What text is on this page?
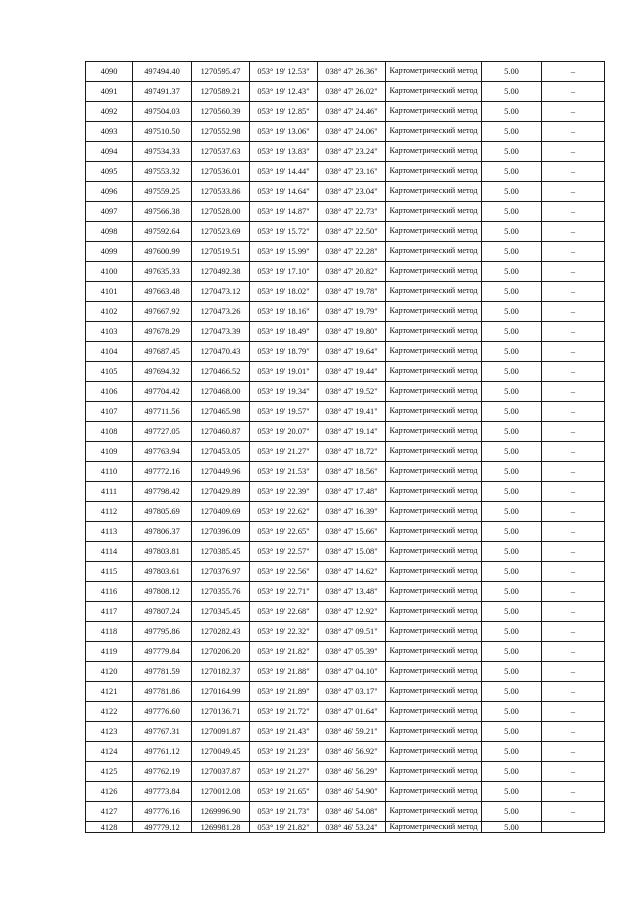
4090	497494.40	1270595.47	053° 19' 12.53"	038° 47' 26.36"	Картометрический метод	5.00	–
4091	497491.37	1270589.21	053° 19' 12.43"	038° 47' 26.02"	Картометрический метод	5.00	–
4092	497504.03	1270560.39	053° 19' 12.85"	038° 47' 24.46"	Картометрический метод	5.00	–
4093	497510.50	1270552.98	053° 19' 13.06"	038° 47' 24.06"	Картометрический метод	5.00	–
4094	497534.33	1270537.63	053° 19' 13.83"	038° 47' 23.24"	Картометрический метод	5.00	–
4095	497553.32	1270536.01	053° 19' 14.44"	038° 47' 23.16"	Картометрический метод	5.00	–
4096	497559.25	1270533.86	053° 19' 14.64"	038° 47' 23.04"	Картометрический метод	5.00	–
4097	497566.38	1270528.00	053° 19' 14.87"	038° 47' 22.73"	Картометрический метод	5.00	–
4098	497592.64	1270523.69	053° 19' 15.72"	038° 47' 22.50"	Картометрический метод	5.00	–
4099	497600.99	1270519.51	053° 19' 15.99"	038° 47' 22.28"	Картометрический метод	5.00	–
4100	497635.33	1270492.38	053° 19' 17.10"	038° 47' 20.82"	Картометрический метод	5.00	–
4101	497663.48	1270473.12	053° 19' 18.02"	038° 47' 19.78"	Картометрический метод	5.00	–
4102	497667.92	1270473.26	053° 19' 18.16"	038° 47' 19.79"	Картометрический метод	5.00	–
4103	497678.29	1270473.39	053° 19' 18.49"	038° 47' 19.80"	Картометрический метод	5.00	–
4104	497687.45	1270470.43	053° 19' 18.79"	038° 47' 19.64"	Картометрический метод	5.00	–
4105	497694.32	1270466.52	053° 19' 19.01"	038° 47' 19.44"	Картометрический метод	5.00	–
4106	497704.42	1270468.00	053° 19' 19.34"	038° 47' 19.52"	Картометрический метод	5.00	–
4107	497711.56	1270465.98	053° 19' 19.57"	038° 47' 19.41"	Картометрический метод	5.00	–
4108	497727.05	1270460.87	053° 19' 20.07"	038° 47' 19.14"	Картометрический метод	5.00	–
4109	497763.94	1270453.05	053° 19' 21.27"	038° 47' 18.72"	Картометрический метод	5.00	–
4110	497772.16	1270449.96	053° 19' 21.53"	038° 47' 18.56"	Картометрический метод	5.00	–
4111	497798.42	1270429.89	053° 19' 22.39"	038° 47' 17.48"	Картометрический метод	5.00	–
4112	497805.69	1270409.69	053° 19' 22.62"	038° 47' 16.39"	Картометрический метод	5.00	–
4113	497806.37	1270396.09	053° 19' 22.65"	038° 47' 15.66"	Картометрический метод	5.00	–
4114	497803.81	1270385.45	053° 19' 22.57"	038° 47' 15.08"	Картометрический метод	5.00	–
4115	497803.61	1270376.97	053° 19' 22.56"	038° 47' 14.62"	Картометрический метод	5.00	–
4116	497808.12	1270355.76	053° 19' 22.71"	038° 47' 13.48"	Картометрический метод	5.00	–
4117	497807.24	1270345.45	053° 19' 22.68"	038° 47' 12.92"	Картометрический метод	5.00	–
4118	497795.86	1270282.43	053° 19' 22.32"	038° 47' 09.51"	Картометрический метод	5.00	–
4119	497779.84	1270206.20	053° 19' 21.82"	038° 47' 05.39"	Картометрический метод	5.00	–
4120	497781.59	1270182.37	053° 19' 21.88"	038° 47' 04.10"	Картометрический метод	5.00	–
4121	497781.86	1270164.99	053° 19' 21.89"	038° 47' 03.17"	Картометрический метод	5.00	–
4122	497776.60	1270136.71	053° 19' 21.72"	038° 47' 01.64"	Картометрический метод	5.00	–
4123	497767.31	1270091.87	053° 19' 21.43"	038° 46' 59.21"	Картометрический метод	5.00	–
4124	497761.12	1270049.45	053° 19' 21.23"	038° 46' 56.92"	Картометрический метод	5.00	–
4125	497762.19	1270037.87	053° 19' 21.27"	038° 46' 56.29"	Картометрический метод	5.00	–
4126	497773.84	1270012.08	053° 19' 21.65"	038° 46' 54.90"	Картометрический метод	5.00	–
4127	497776.16	1269996.90	053° 19' 21.73"	038° 46' 54.08"	Картометрический метод	5.00	–
4128	497779.12	1269981.28	053° 19' 21.82"	038° 46' 53.24"	Картометрический метод	5.00	
